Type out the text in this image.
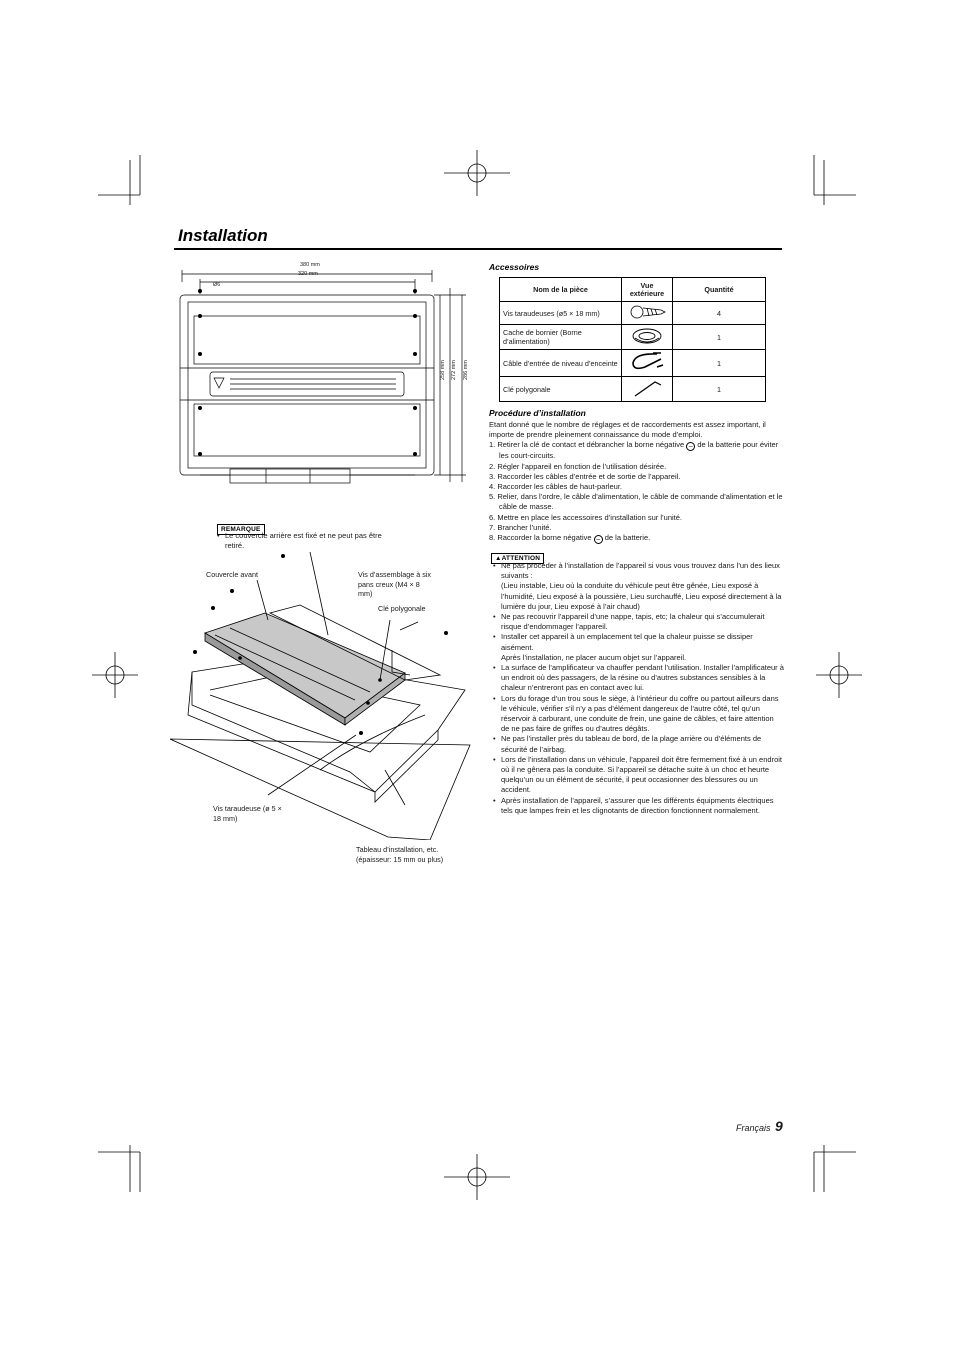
Installation
380 mm
320 mm
Ø6
258 mm 272 mm 286 mm
REMARQUE
• Le couvercle arrière est fixé et ne peut pas être retiré.
Couvercle avant	Vis d’assemblage à six pans creux (M4 × 8 mm)
Clé polygonale
Vis taraudeuse (ø 5 × 18 mm)
Tableau d’installation, etc. (épaisseur: 15 mm ou plus)
Accessoires
Nom de la pièce	Vue extérieure	Quantité
Vis taraudeuses (ø5 × 18 mm)		4
Cache de bornier (Borne d’alimentation)		1
Câble d’entrée de niveau d’enceinte		1
Clé polygonale		1
Procédure d’installation
Etant donné que le nombre de réglages et de raccordements est assez important, il importe de prendre pleinement connaissance du mode d’emploi.
1. Retirer la clé de contact et débrancher la borne négative – de la batterie pour éviter les court-circuits.
2. Régler l’appareil en fonction de l’utilisation désirée.
3. Raccorder les câbles d’entrée et de sortie de l’appareil.
4. Raccorder les câbles de haut-parleur.
5. Relier, dans l’ordre, le câble d’alimentation, le câble de commande d’alimentation et le câble de masse.
6. Mettre en place les accessoires d’installation sur l’unité.
7. Brancher l’unité.
8. Raccorder la borne négative – de la batterie.
▲ATTENTION
• Ne pas procéder à l’installation de l’appareil si vous vous trouvez dans l’un des lieux suivants :
(Lieu instable, Lieu où la conduite du véhicule peut être gênée, Lieu exposé à l’humidité, Lieu exposé à la poussière, Lieu surchauffé, Lieu exposé directement à la lumière du jour, Lieu exposé à l’air chaud)
• Ne pas recouvrir l’appareil d’une nappe, tapis, etc; la chaleur qui s’accumulerait risque d’endommager l’appareil.
• Installer cet appareil à un emplacement tel que la chaleur puisse se dissiper aisément.
Après l’installation, ne placer aucum objet sur l’appareil.
• La surface de l’amplificateur va chauffer pendant l’utilisation. Installer l’amplificateur à un endroit où des passagers, de la résine ou d’autres substances sensibles à la chaleur n’entreront pas en contact avec lui.
• Lors du forage d’un trou sous le siège, à l’intérieur du coffre ou partout ailleurs dans le véhicule, vérifier s’il n’y a pas d’élément dangereux de l’autre côté, tel qu’un réservoir à carburant, une conduite de frein, une gaine de câbles, et faire attention de ne pas faire de griffes ou d’autres dégâts.
• Ne pas l’installer près du tableau de bord, de la plage arrière ou d’éléments de sécurité de l’airbag.
• Lors de l’installation dans un véhicule, l’appareil doit être fermement fixé à un endroit où il ne gênera pas la conduite. Si l’appareil se détache suite à un choc et heurte quelqu’un ou un élément de sécurité, il peut occasionner des blessures ou un accident.
• Après installation de l’appareil, s’assurer que les différents équipments électriques tels que lampes frein et les clignotants de direction fonctionnent normalement.
Français 9
